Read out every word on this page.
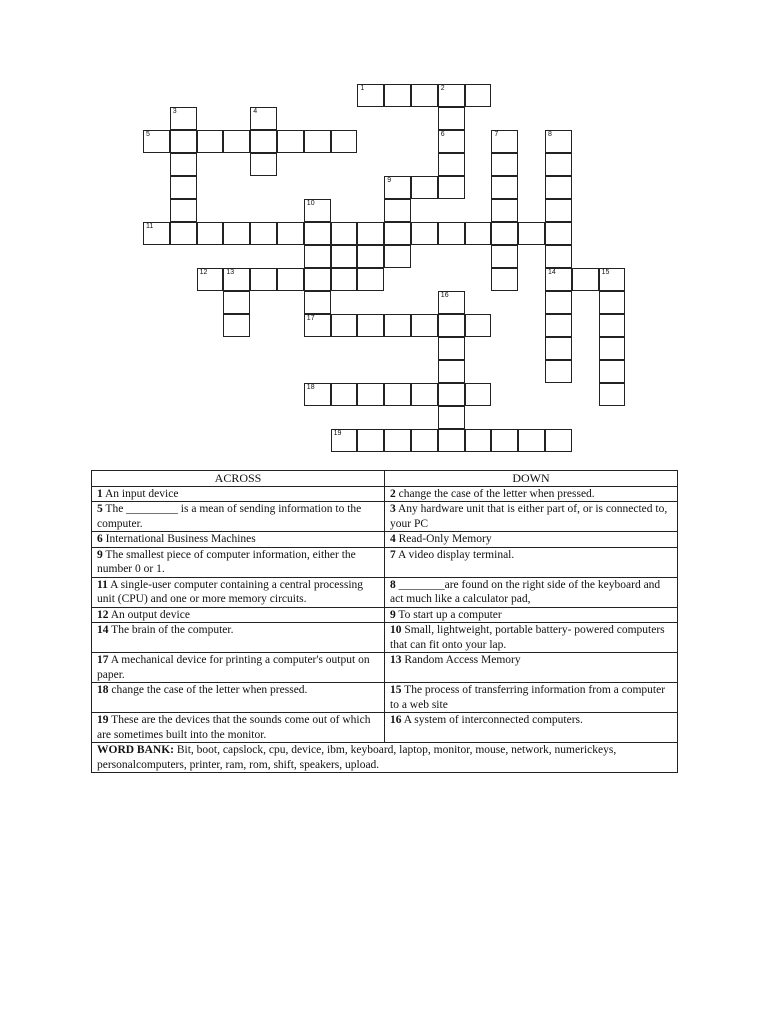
1	2
3	4
5	6	7	8
9
10
11
12	13	14	15
16
17
18
19
ACROSS	DOWN
1 An input device	2 change the case of the letter when pressed.
5 The _________ is a mean of sending information to the computer.	3 Any hardware unit that is either part of, or is connected to, your PC
6 International Business Machines	4 Read-Only Memory
9 The smallest piece of computer information, either the number 0 or 1.	7 A video display terminal.
11 A single-user computer containing a central processing unit (CPU) and one or more memory circuits.	8 ________are found on the right side of the keyboard and act much like a calculator pad,
12 An output device	9 To start up a computer
14 The brain of the computer.	10 Small, lightweight, portable battery- powered computers that can fit onto your lap.
17 A mechanical device for printing a computer's output on paper.	13 Random Access Memory
18 change the case of the letter when pressed.	15 The process of transferring information from a computer to a web site
19 These are the devices that the sounds come out of which are sometimes built into the monitor.	16 A system of interconnected computers.
WORD BANK: Bit, boot, capslock, cpu, device, ibm, keyboard, laptop, monitor, mouse, network, numerickeys, personalcomputers, printer, ram, rom, shift, speakers, upload.	
